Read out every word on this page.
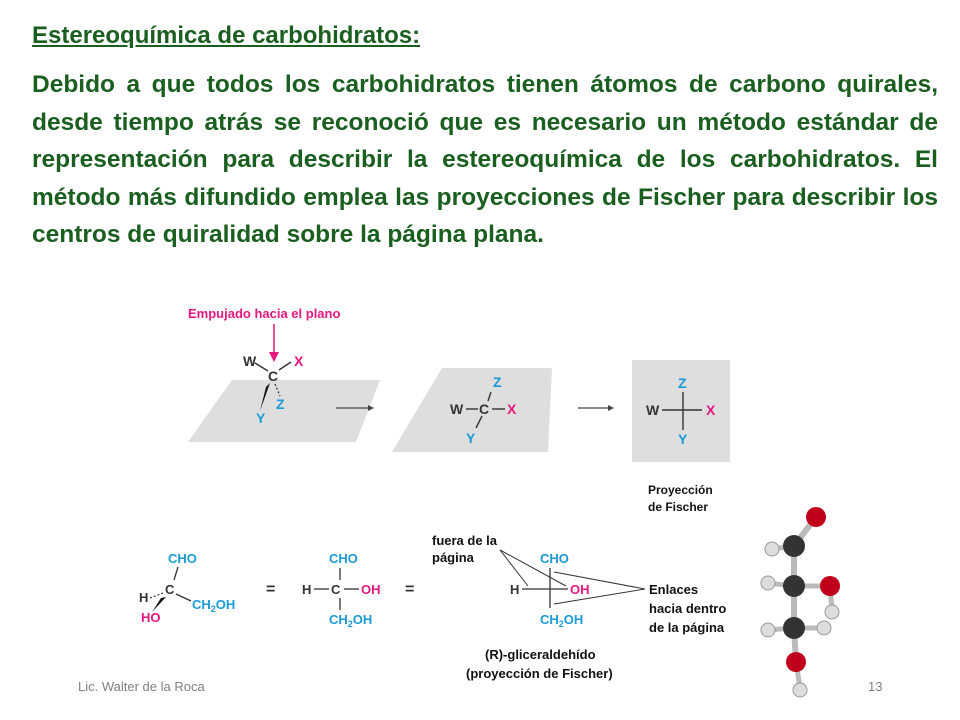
Estereoquímica de carbohidratos:

Debido a que todos los carbohidratos tienen átomos de carbono quirales, desde tiempo atrás se reconoció que es necesario un método estándar de representación para describir la estereoquímica de los carbohidratos. El método más difundido emplea las proyecciones de Fischer para describir los centros de quiralidad sobre la página plana.

Empujado hacia el plano
W	X
C
Z
Y
Z
W C X
Y
Z
W	X
Y
Proyección
de Fischer
CHO
C
H
HO
$CH_2OH$
=
CHO
H C OH
$CH_2OH$
=
fuera de la
página	CHO
H	OH
$CH_2OH$
Enlaces
hacia dentro
de la página
(R)-gliceraldehído
(proyección de Fischer)
Lic. Walter de la Roca	13
